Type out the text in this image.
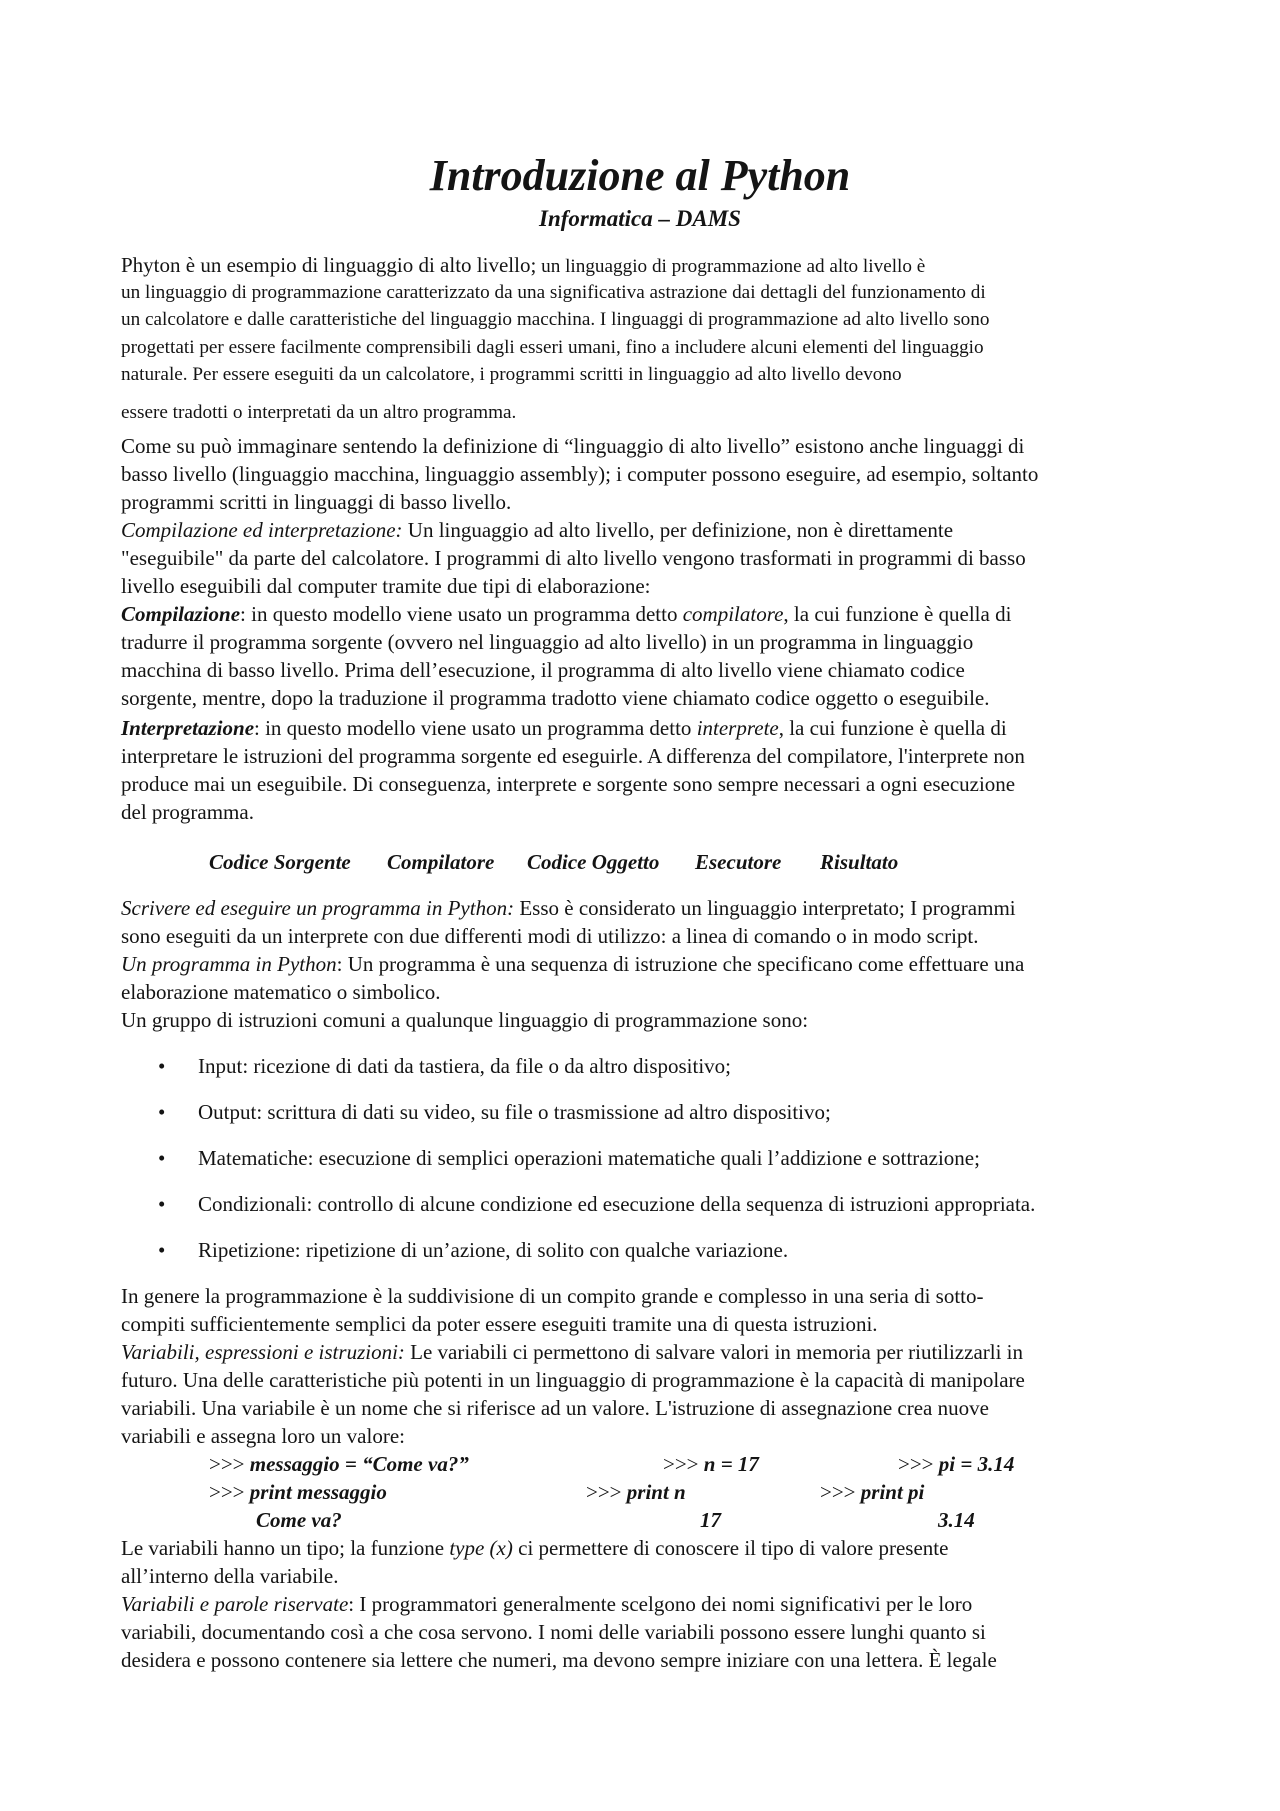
Introduzione al Python
Informatica – DAMS
Phyton è un esempio di linguaggio di alto livello; un linguaggio di programmazione ad alto livello è
un linguaggio di programmazione caratterizzato da una significativa astrazione dai dettagli del funzionamento di
un calcolatore e dalle caratteristiche del linguaggio macchina. I linguaggi di programmazione ad alto livello sono
progettati per essere facilmente comprensibili dagli esseri umani, fino a includere alcuni elementi del linguaggio
naturale. Per essere eseguiti da un calcolatore, i programmi scritti in linguaggio ad alto livello devono
essere tradotti o interpretati da un altro programma.
Come su può immaginare sentendo la definizione di “linguaggio di alto livello” esistono anche linguaggi di
basso livello (linguaggio macchina, linguaggio assembly); i computer possono eseguire, ad esempio, soltanto
programmi scritti in linguaggi di basso livello.
Compilazione ed interpretazione: Un linguaggio ad alto livello, per definizione, non è direttamente
"eseguibile" da parte del calcolatore. I programmi di alto livello vengono trasformati in programmi di basso
livello eseguibili dal computer tramite due tipi di elaborazione:
Compilazione: in questo modello viene usato un programma detto compilatore, la cui funzione è quella di
tradurre il programma sorgente (ovvero nel linguaggio ad alto livello) in un programma in linguaggio
macchina di basso livello. Prima dell’esecuzione, il programma di alto livello viene chiamato codice
sorgente, mentre, dopo la traduzione il programma tradotto viene chiamato codice oggetto o eseguibile.
Interpretazione: in questo modello viene usato un programma detto interprete, la cui funzione è quella di
interpretare le istruzioni del programma sorgente ed eseguirle. A differenza del compilatore, l'interprete non
produce mai un eseguibile. Di conseguenza, interprete e sorgente sono sempre necessari a ogni esecuzione
del programma.
Codice Sorgente Compilatore Codice Oggetto Esecutore Risultato
Scrivere ed eseguire un programma in Python: Esso è considerato un linguaggio interpretato; I programmi
sono eseguiti da un interprete con due differenti modi di utilizzo: a linea di comando o in modo script.
Un programma in Python: Un programma è una sequenza di istruzione che specificano come effettuare una
elaborazione matematico o simbolico.
Un gruppo di istruzioni comuni a qualunque linguaggio di programmazione sono:
• Input: ricezione di dati da tastiera, da file o da altro dispositivo;
• Output: scrittura di dati su video, su file o trasmissione ad altro dispositivo;
• Matematiche: esecuzione di semplici operazioni matematiche quali l’addizione e sottrazione;
• Condizionali: controllo di alcune condizione ed esecuzione della sequenza di istruzioni appropriata.
• Ripetizione: ripetizione di un’azione, di solito con qualche variazione.
In genere la programmazione è la suddivisione di un compito grande e complesso in una seria di sotto-
compiti sufficientemente semplici da poter essere eseguiti tramite una di questa istruzioni.
Variabili, espressioni e istruzioni: Le variabili ci permettono di salvare valori in memoria per riutilizzarli in
futuro. Una delle caratteristiche più potenti in un linguaggio di programmazione è la capacità di manipolare
variabili. Una variabile è un nome che si riferisce ad un valore. L'istruzione di assegnazione crea nuove
variabili e assegna loro un valore:
>>> messaggio = “Come va?”	>>> n = 17	>>> pi = 3.14
>>> print messaggio	>>> print n	>>> print pi
Come va?	17	3.14
Le variabili hanno un tipo; la funzione type (x) ci permettere di conoscere il tipo di valore presente
all’interno della variabile.
Variabili e parole riservate: I programmatori generalmente scelgono dei nomi significativi per le loro
variabili, documentando così a che cosa servono. I nomi delle variabili possono essere lunghi quanto si
desidera e possono contenere sia lettere che numeri, ma devono sempre iniziare con una lettera. È legale
